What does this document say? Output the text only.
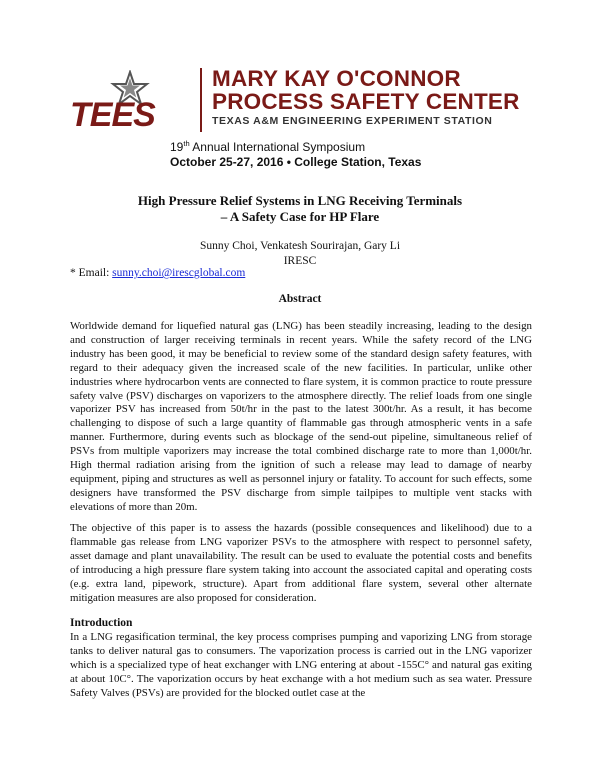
TEES
MARY KAY O'CONNOR
PROCESS SAFETY CENTER
TEXAS A&M ENGINEERING EXPERIMENT STATION
19th Annual International Symposium
October 25-27, 2016 • College Station, Texas
High Pressure Relief Systems in LNG Receiving Terminals
– A Safety Case for HP Flare
Sunny Choi, Venkatesh Sourirajan, Gary Li
IRESC
* Email: sunny.choi@irescglobal.com
Abstract
Worldwide demand for liquefied natural gas (LNG) has been steadily increasing, leading to the design and construction of larger receiving terminals in recent years. While the safety record of the LNG industry has been good, it may be beneficial to review some of the standard design safety features, with regard to their adequacy given the increased scale of the new facilities. In particular, unlike other industries where hydrocarbon vents are connected to flare system, it is common practice to route pressure safety valve (PSV) discharges on vaporizers to the atmosphere directly. The relief loads from one single vaporizer PSV has increased from 50t/hr in the past to the latest 300t/hr. As a result, it has become challenging to dispose of such a large quantity of flammable gas through atmospheric vents in a safe manner. Furthermore, during events such as blockage of the send-out pipeline, simultaneous relief of PSVs from multiple vaporizers may increase the total combined discharge rate to more than 1,000t/hr. High thermal radiation arising from the ignition of such a release may lead to damage of nearby equipment, piping and structures as well as personnel injury or fatality. To account for such effects, some designers have transformed the PSV discharge from simple tailpipes to multiple vent stacks with elevations of more than 20m.
The objective of this paper is to assess the hazards (possible consequences and likelihood) due to a flammable gas release from LNG vaporizer PSVs to the atmosphere with respect to personnel safety, asset damage and plant unavailability. The result can be used to evaluate the potential costs and benefits of introducing a high pressure flare system taking into account the associated capital and operating costs (e.g. extra land, pipework, structure). Apart from additional flare system, several other alternate mitigation measures are also proposed for consideration.
Introduction
In a LNG regasification terminal, the key process comprises pumping and vaporizing LNG from storage tanks to deliver natural gas to consumers. The vaporization process is carried out in the LNG vaporizer which is a specialized type of heat exchanger with LNG entering at about -155C° and natural gas exiting at about 10C°. The vaporization occurs by heat exchange with a hot medium such as sea water. Pressure Safety Valves (PSVs) are provided for the blocked outlet case at the
